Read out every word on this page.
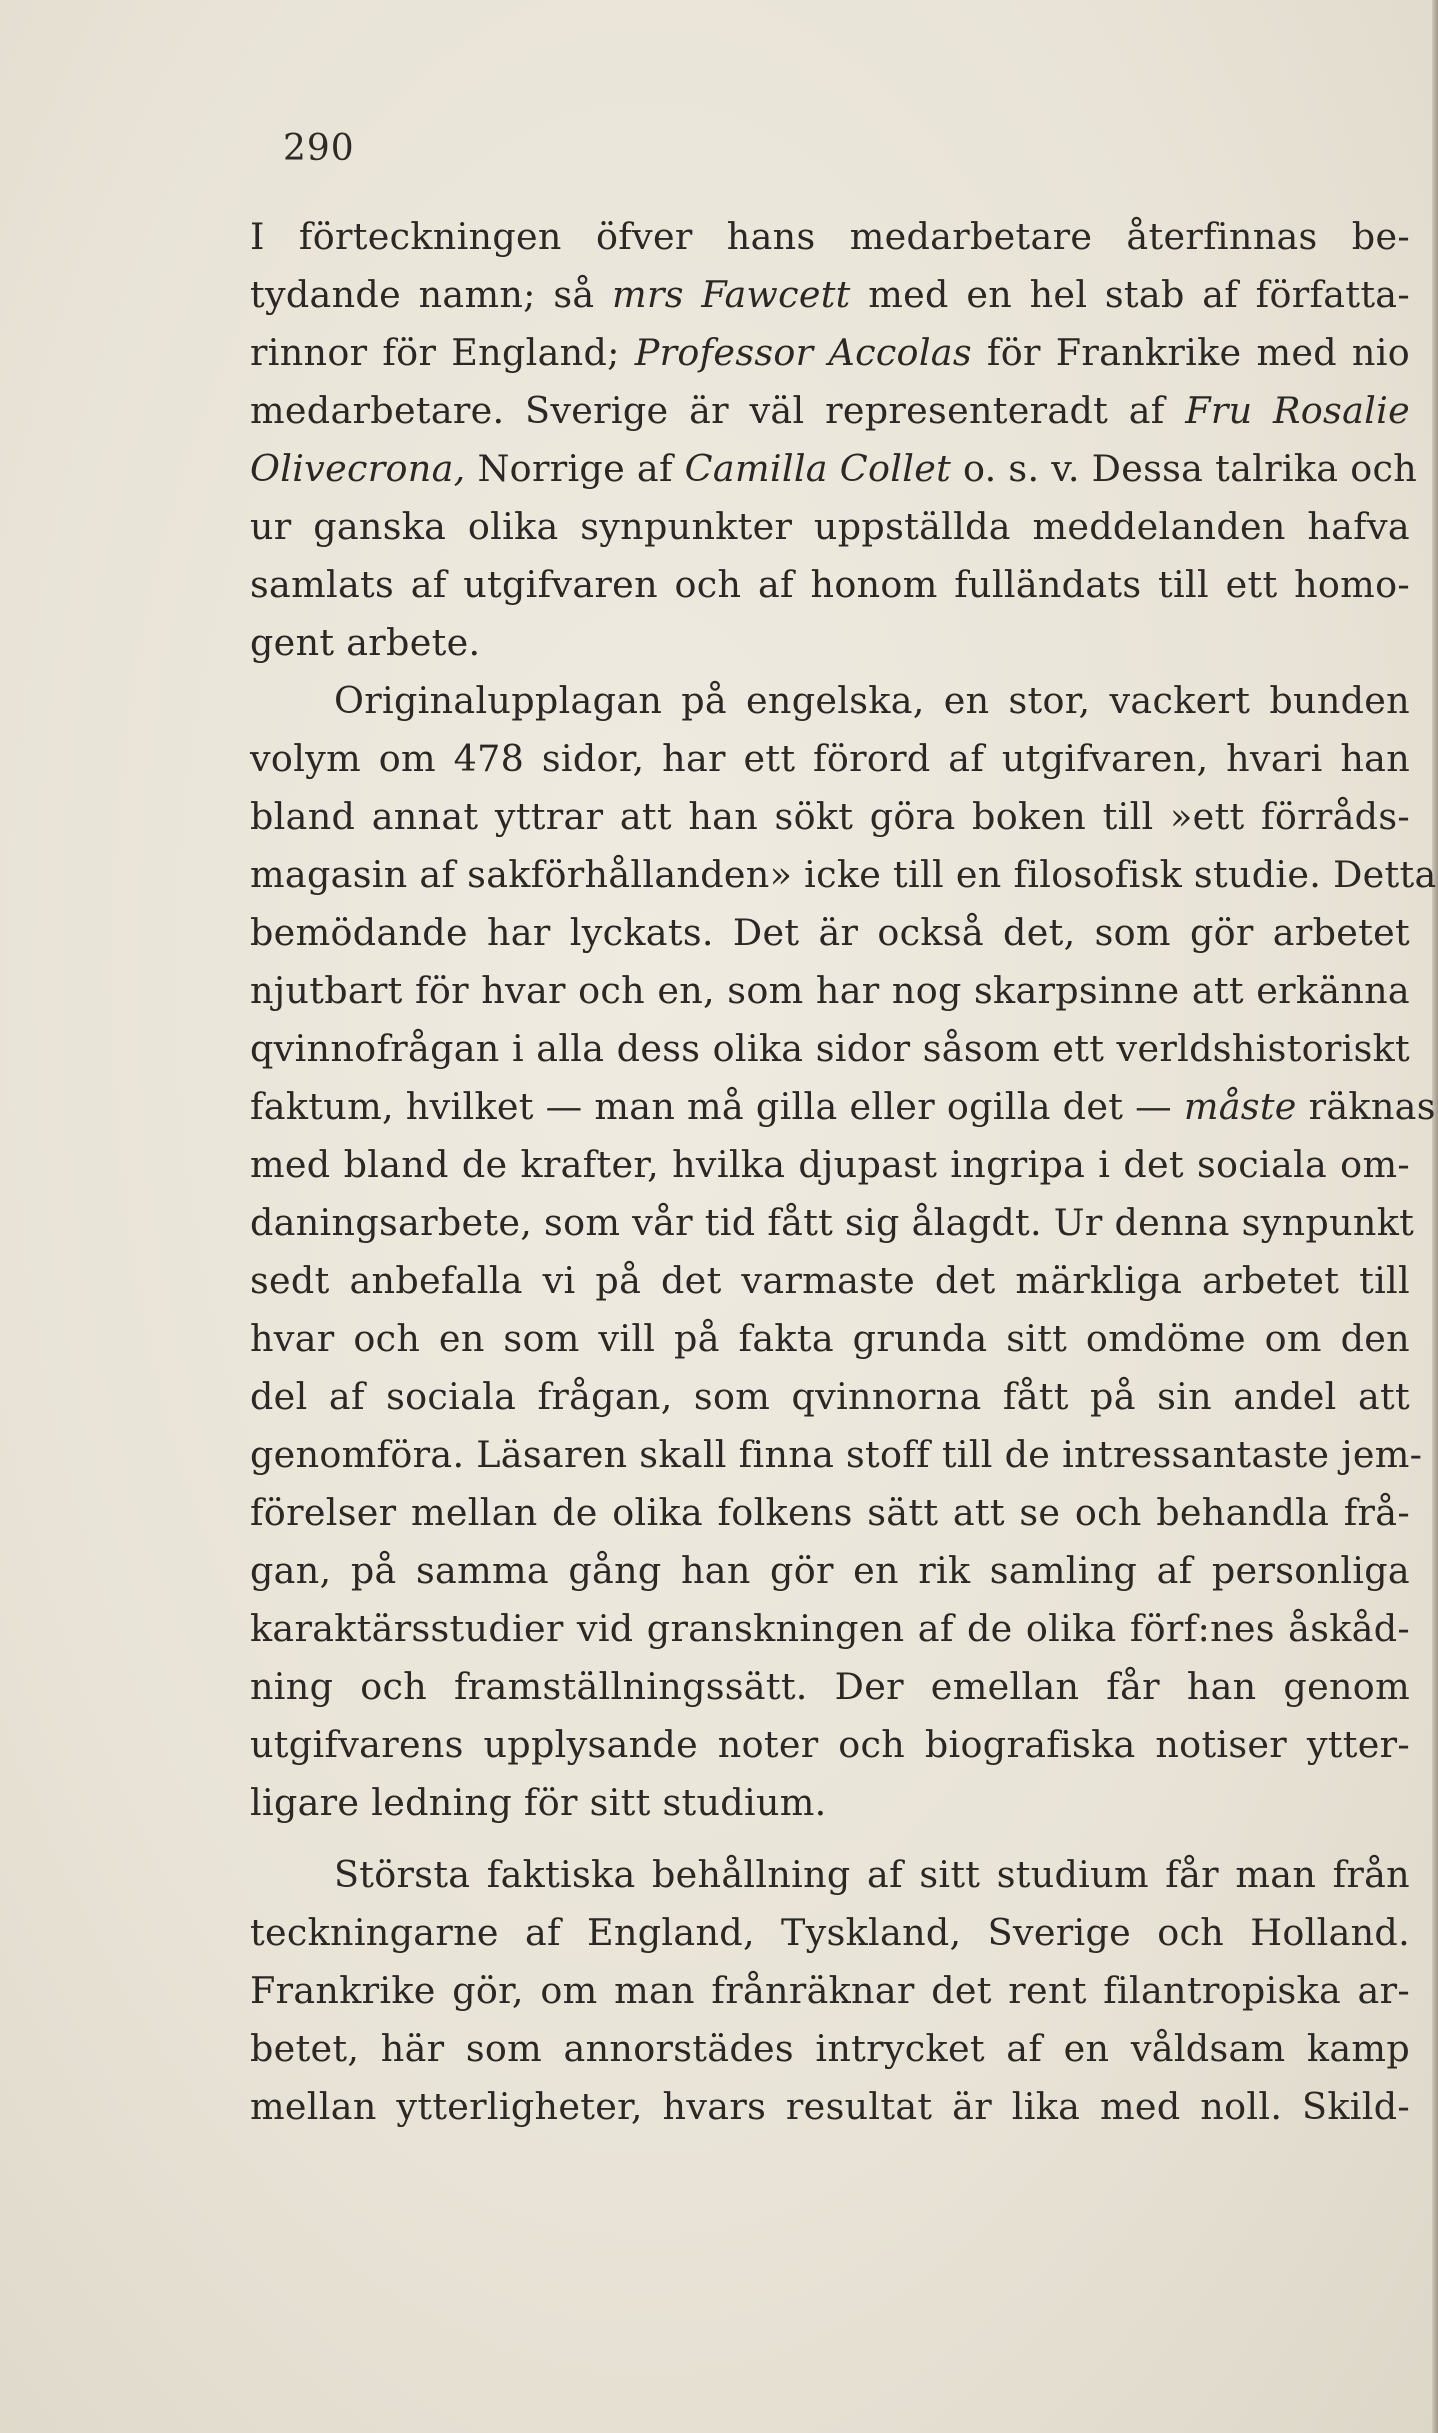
290
I förteckningen öfver hans medarbetare återfinnas be-
tydande namn; så mrs Fawcett med en hel stab af författa-
rinnor för England; Professor Accolas för Frankrike med nio
medarbetare. Sverige är väl representeradt af Fru Rosalie
Olivecrona, Norrige af Camilla Collet o. s. v. Dessa talrika och
ur ganska olika synpunkter uppställda meddelanden hafva
samlats af utgifvaren och af honom fulländats till ett homo-
gent arbete.
Originalupplagan på engelska, en stor, vackert bunden
volym om 478 sidor, har ett förord af utgifvaren, hvari han
bland annat yttrar att han sökt göra boken till »ett förråds-
magasin af sakförhållanden» icke till en filosofisk studie. Detta
bemödande har lyckats. Det är också det, som gör arbetet
njutbart för hvar och en, som har nog skarpsinne att erkänna
qvinnofrågan i alla dess olika sidor såsom ett verldshistoriskt
faktum, hvilket — man må gilla eller ogilla det — måste räknas
med bland de krafter, hvilka djupast ingripa i det sociala om-
daningsarbete, som vår tid fått sig ålagdt. Ur denna synpunkt
sedt anbefalla vi på det varmaste det märkliga arbetet till
hvar och en som vill på fakta grunda sitt omdöme om den
del af sociala frågan, som qvinnorna fått på sin andel att
genomföra. Läsaren skall finna stoff till de intressantaste jem-
förelser mellan de olika folkens sätt att se och behandla frå-
gan, på samma gång han gör en rik samling af personliga
karaktärsstudier vid granskningen af de olika förf:nes åskåd-
ning och framställningssätt. Der emellan får han genom
utgifvarens upplysande noter och biografiska notiser ytter-
ligare ledning för sitt studium.
Största faktiska behållning af sitt studium får man från
teckningarne af England, Tyskland, Sverige och Holland.
Frankrike gör, om man frånräknar det rent filantropiska ar-
betet, här som annorstädes intrycket af en våldsam kamp
mellan ytterligheter, hvars resultat är lika med noll. Skild-
